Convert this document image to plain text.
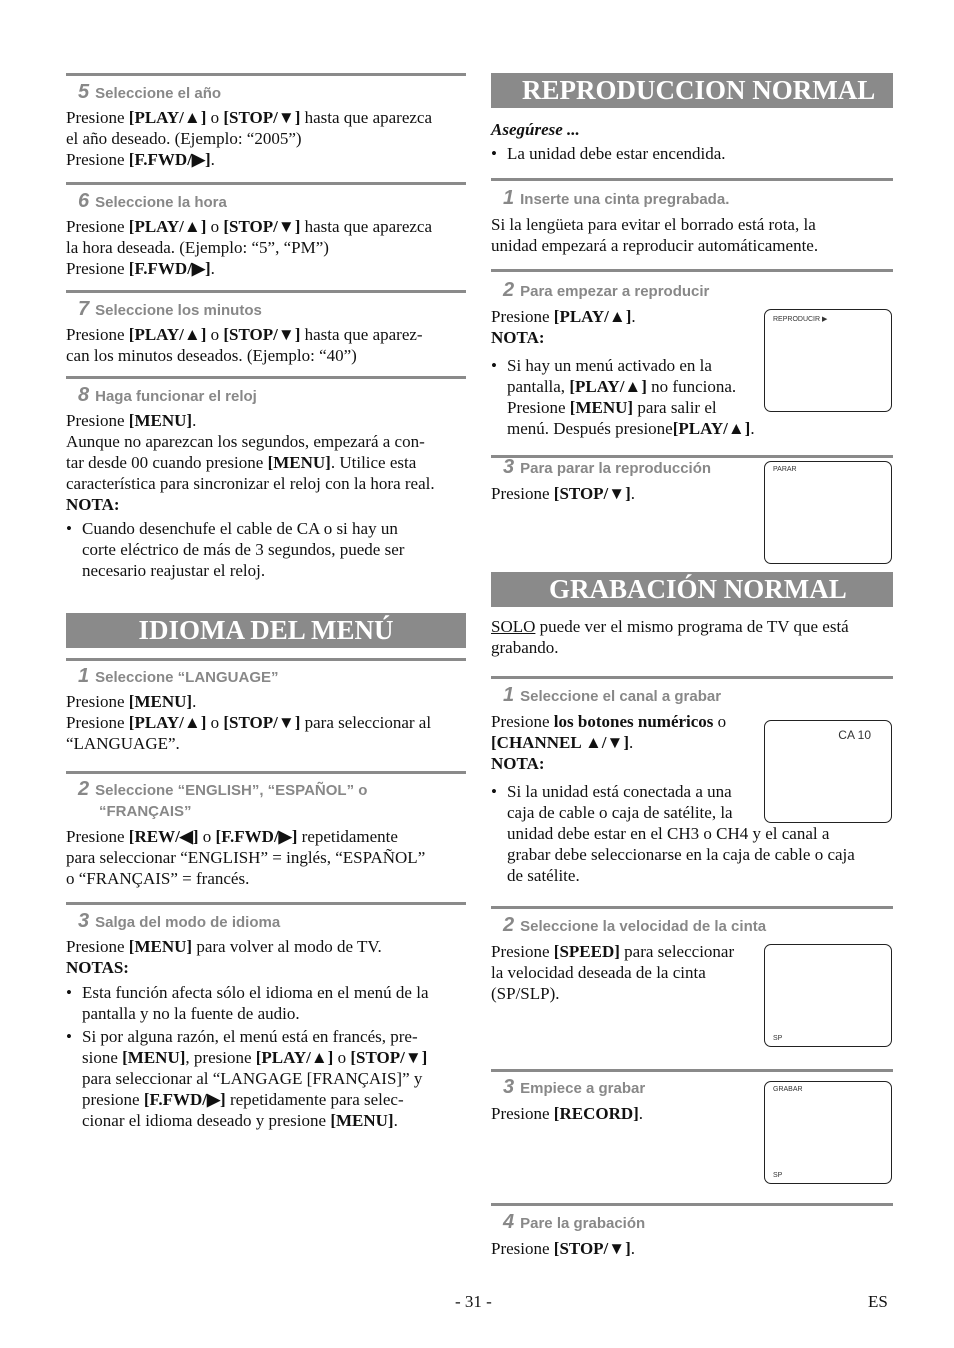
5 Seleccione el año
Presione [PLAY/▲] o [STOP/▼] hasta que aparezca
el año deseado. (Ejemplo: “2005”)
Presione [F.FWD/▶].
6 Seleccione la hora
Presione [PLAY/▲] o [STOP/▼] hasta que aparezca
la hora deseada. (Ejemplo: “5”, “PM”)
Presione [F.FWD/▶].
7 Seleccione los minutos
Presione [PLAY/▲] o [STOP/▼] hasta que aparez-
can los minutos deseados. (Ejemplo: “40”)
8 Haga funcionar el reloj
Presione [MENU].
Aunque no aparezcan los segundos, empezará a con-
tar desde 00 cuando presione [MENU]. Utilice esta
característica para sincronizar el reloj con la hora real.
NOTA:
• Cuando desenchufe el cable de CA o si hay un
corte eléctrico de más de 3 segundos, puede ser
necesario reajustar el reloj.
IDIOMA DEL MENÚ
1 Seleccione “LANGUAGE”
Presione [MENU].
Presione [PLAY/▲] o [STOP/▼] para seleccionar al
“LANGUAGE”.
2 Seleccione “ENGLISH”, “ESPAÑOL” o
“FRANÇAIS”
Presione [REW/◀] o [F.FWD/▶] repetidamente
para seleccionar “ENGLISH” = inglés, “ESPAÑOL”
o “FRANÇAIS” = francés.
3 Salga del modo de idioma
Presione [MENU] para volver al modo de TV.
NOTAS:
• Esta función afecta sólo el idioma en el menú de la
pantalla y no la fuente de audio.
• Si por alguna razón, el menú está en francés, pre-
sione [MENU], presione [PLAY/▲] o [STOP/▼]
para seleccionar al “LANGAGE [FRANÇAIS]” y
presione [F.FWD/▶] repetidamente para selec-
cionar el idioma deseado y presione [MENU].
REPRODUCCION NORMAL
Asegúrese ...
• La unidad debe estar encendida.
1 Inserte una cinta pregrabada.
Si la lengüeta para evitar el borrado está rota, la
unidad empezará a reproducir automáticamente.
2 Para empezar a reproducir
Presione [PLAY/▲].
NOTA:
• Si hay un menú activado en la
pantalla, [PLAY/▲] no funciona.
Presione [MENU] para salir el
menú. Después presione[PLAY/▲].
REPRODUCIR ▶
3 Para parar la reproducción
Presione [STOP/▼].
PARAR
GRABACIÓN NORMAL
SOLO puede ver el mismo programa de TV que está
grabando.
1 Seleccione el canal a grabar
Presione los botones numéricos o
[CHANNEL ▲/▼].
NOTA:
• Si la unidad está conectada a una
caja de cable o caja de satélite, la
unidad debe estar en el CH3 o CH4 y el canal a
grabar debe seleccionarse en la caja de cable o caja
de satélite.
CA 10
2 Seleccione la velocidad de la cinta
Presione [SPEED] para seleccionar
la velocidad deseada de la cinta
(SP/SLP).
SP
3 Empiece a grabar
Presione [RECORD].
GRABAR
SP
4 Pare la grabación
Presione [STOP/▼].
- 31 -	ES
